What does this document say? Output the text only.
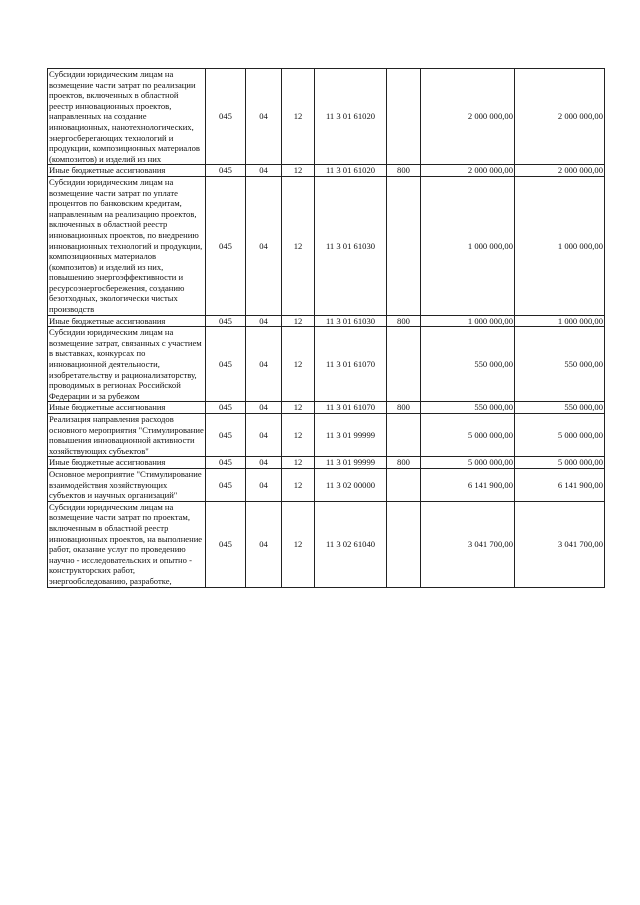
Субсидии юридическим лицам на возмещение части затрат по реализации проектов, включенных в областной реестр инновационных проектов, направленных на создание инновационных, нанотехнологических, энергосберегающих технологий и продукции, композиционных материалов (композитов) и изделий из них	045	04	12	11 3 01 61020		2 000 000,00	2 000 000,00
Иные бюджетные ассигнования	045	04	12	11 3 01 61020	800	2 000 000,00	2 000 000,00
Субсидии юридическим лицам на возмещение части затрат по уплате процентов по банковским кредитам, направленным на реализацию проектов, включенных в областной реестр инновационных проектов, по внедрению инновационных технологий и продукции, композиционных материалов (композитов) и изделий из них, повышению энергоэффективности и ресурсоэнергосбережения, созданию безотходных, экологически чистых производств	045	04	12	11 3 01 61030		1 000 000,00	1 000 000,00
Иные бюджетные ассигнования	045	04	12	11 3 01 61030	800	1 000 000,00	1 000 000,00
Субсидии юридическим лицам на возмещение затрат, связанных с участием в выставках, конкурсах по инновационной деятельности, изобретательству и рационализаторству, проводимых в регионах Российской Федерации и за рубежом	045	04	12	11 3 01 61070		550 000,00	550 000,00
Иные бюджетные ассигнования	045	04	12	11 3 01 61070	800	550 000,00	550 000,00
Реализация направления расходов основного мероприятия "Стимулирование повышения инновационной активности хозяйствующих субъектов"	045	04	12	11 3 01 99999		5 000 000,00	5 000 000,00
Иные бюджетные ассигнования	045	04	12	11 3 01 99999	800	5 000 000,00	5 000 000,00
Основное мероприятие "Стимулирование взаимодействия хозяйствующих субъектов и научных организаций"	045	04	12	11 3 02 00000		6 141 900,00	6 141 900,00
Субсидии юридическим лицам на возмещение части затрат по проектам, включенным в областной реестр инновационных проектов, на выполнение работ, оказание услуг по проведению научно - исследовательских и опытно - конструкторских работ, энергообследованию, разработке,	045	04	12	11 3 02 61040		3 041 700,00	3 041 700,00
